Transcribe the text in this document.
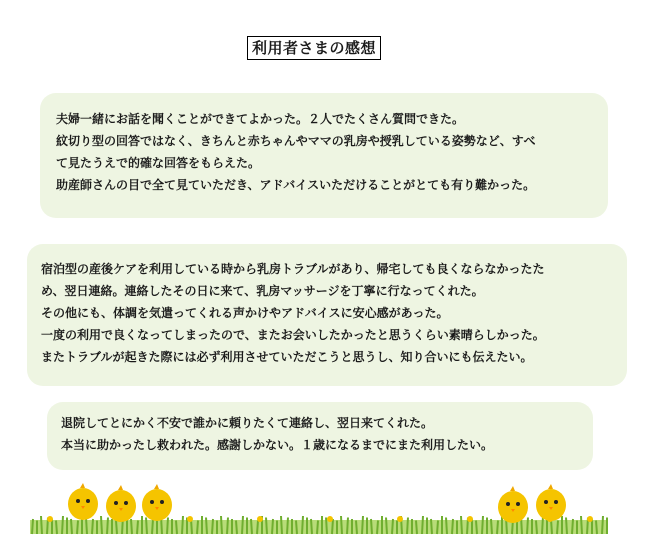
利用者さまの感想

夫婦一緒にお話を聞くことができてよかった。２人でたくさん質問できた。

紋切り型の回答ではなく、きちんと赤ちゃんやママの乳房や授乳している姿勢など、すべ

て見たうえで的確な回答をもらえた。

助産師さんの目で全て見ていただき、アドバイスいただけることがとても有り難かった。

宿泊型の産後ケアを利用している時から乳房トラブルがあり、帰宅しても良くならなかったた

め、翌日連絡。連絡したその日に来て、乳房マッサージを丁寧に行なってくれた。

その他にも、体調を気遣ってくれる声かけやアドバイスに安心感があった。

一度の利用で良くなってしまったので、またお会いしたかったと思うくらい素晴らしかった。

またトラブルが起きた際には必ず利用させていただこうと思うし、知り合いにも伝えたい。

退院してとにかく不安で誰かに頼りたくて連絡し、翌日来てくれた。

本当に助かったし救われた。感謝しかない。１歳になるまでにまた利用したい。
